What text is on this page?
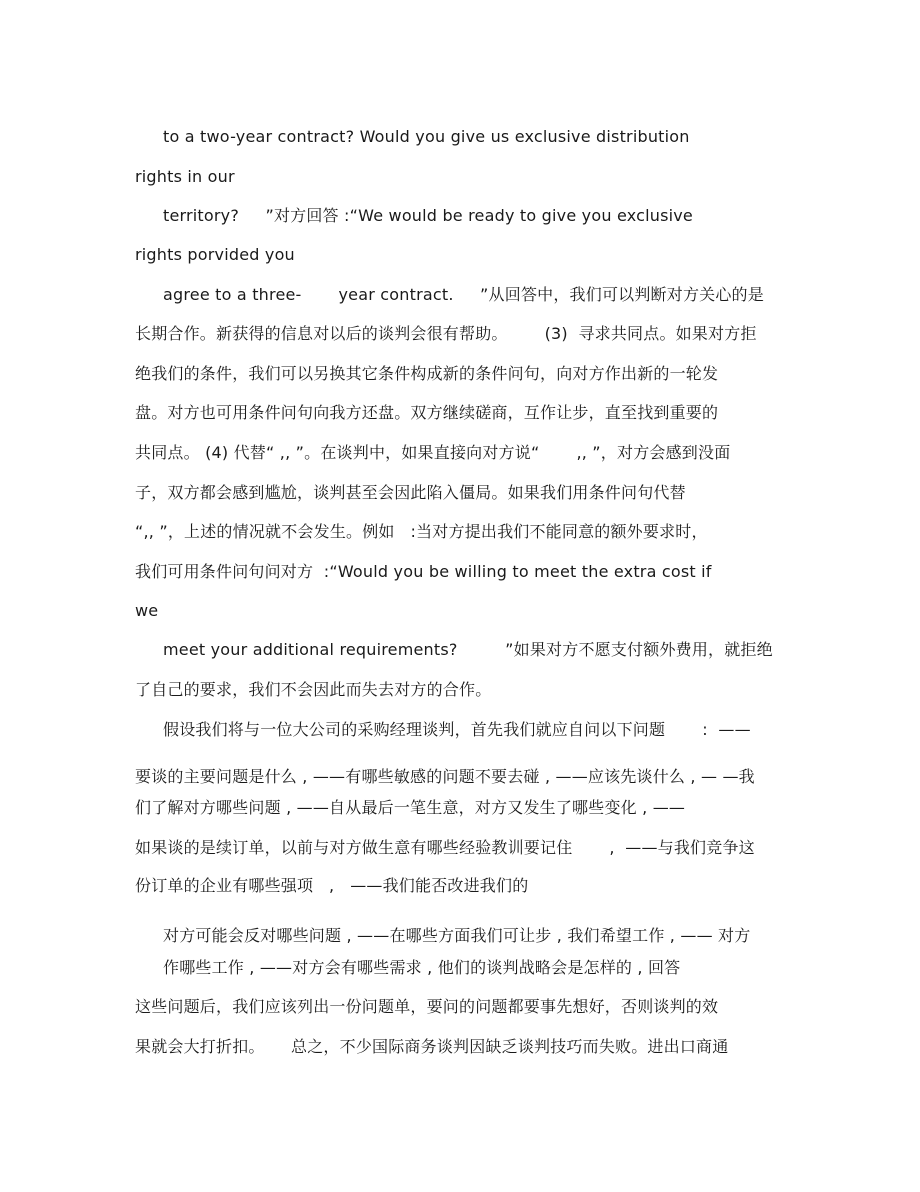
to a two-year contract? Would you give us exclusive distribution
rights in our
territory?     ”对方回答 :“We would be ready to give you exclusive
rights porvided you
agree to a three-       year contract.     ”从回答中，我们可以判断对方关心的是
长期合作。新获得的信息对以后的谈判会很有帮助。       (3)  寻求共同点。如果对方拒
绝我们的条件，我们可以另换其它条件构成新的条件问句，向对方作出新的一轮发
盘。对方也可用条件问句向我方还盘。双方继续磋商，互作让步，直至找到重要的
共同点。 (4) 代替“ ,, ”。在谈判中，如果直接向对方说“       ,, ”，对方会感到没面
子，双方都会感到尴尬，谈判甚至会因此陷入僵局。如果我们用条件问句代替
“,, ”，上述的情况就不会发生。例如   :当对方提出我们不能同意的额外要求时，
我们可用条件问句问对方  :“Would you be willing to meet the extra cost if
we
meet your additional requirements?         ”如果对方不愿支付额外费用，就拒绝
了自己的要求，我们不会因此而失去对方的合作。
假设我们将与一位大公司的采购经理谈判，首先我们就应自问以下问题       :  ——
要谈的主要问题是什么 , ——有哪些敏感的问题不要去碰 , ——应该先谈什么 , — —我
们了解对方哪些问题 , ——自从最后一笔生意，对方又发生了哪些变化 , ——
如果谈的是续订单，以前与对方做生意有哪些经验教训要记住       ,  ——与我们竞争这
份订单的企业有哪些强项   ,   ——我们能否改进我们的
对方可能会反对哪些问题 , ——在哪些方面我们可让步 , 我们希望工作 , —— 对方
作哪些工作 , ——对方会有哪些需求 , 他们的谈判战略会是怎样的 , 回答
这些问题后，我们应该列出一份问题单，要问的问题都要事先想好，否则谈判的效
果就会大打折扣。     总之，不少国际商务谈判因缺乏谈判技巧而失败。进出口商通
